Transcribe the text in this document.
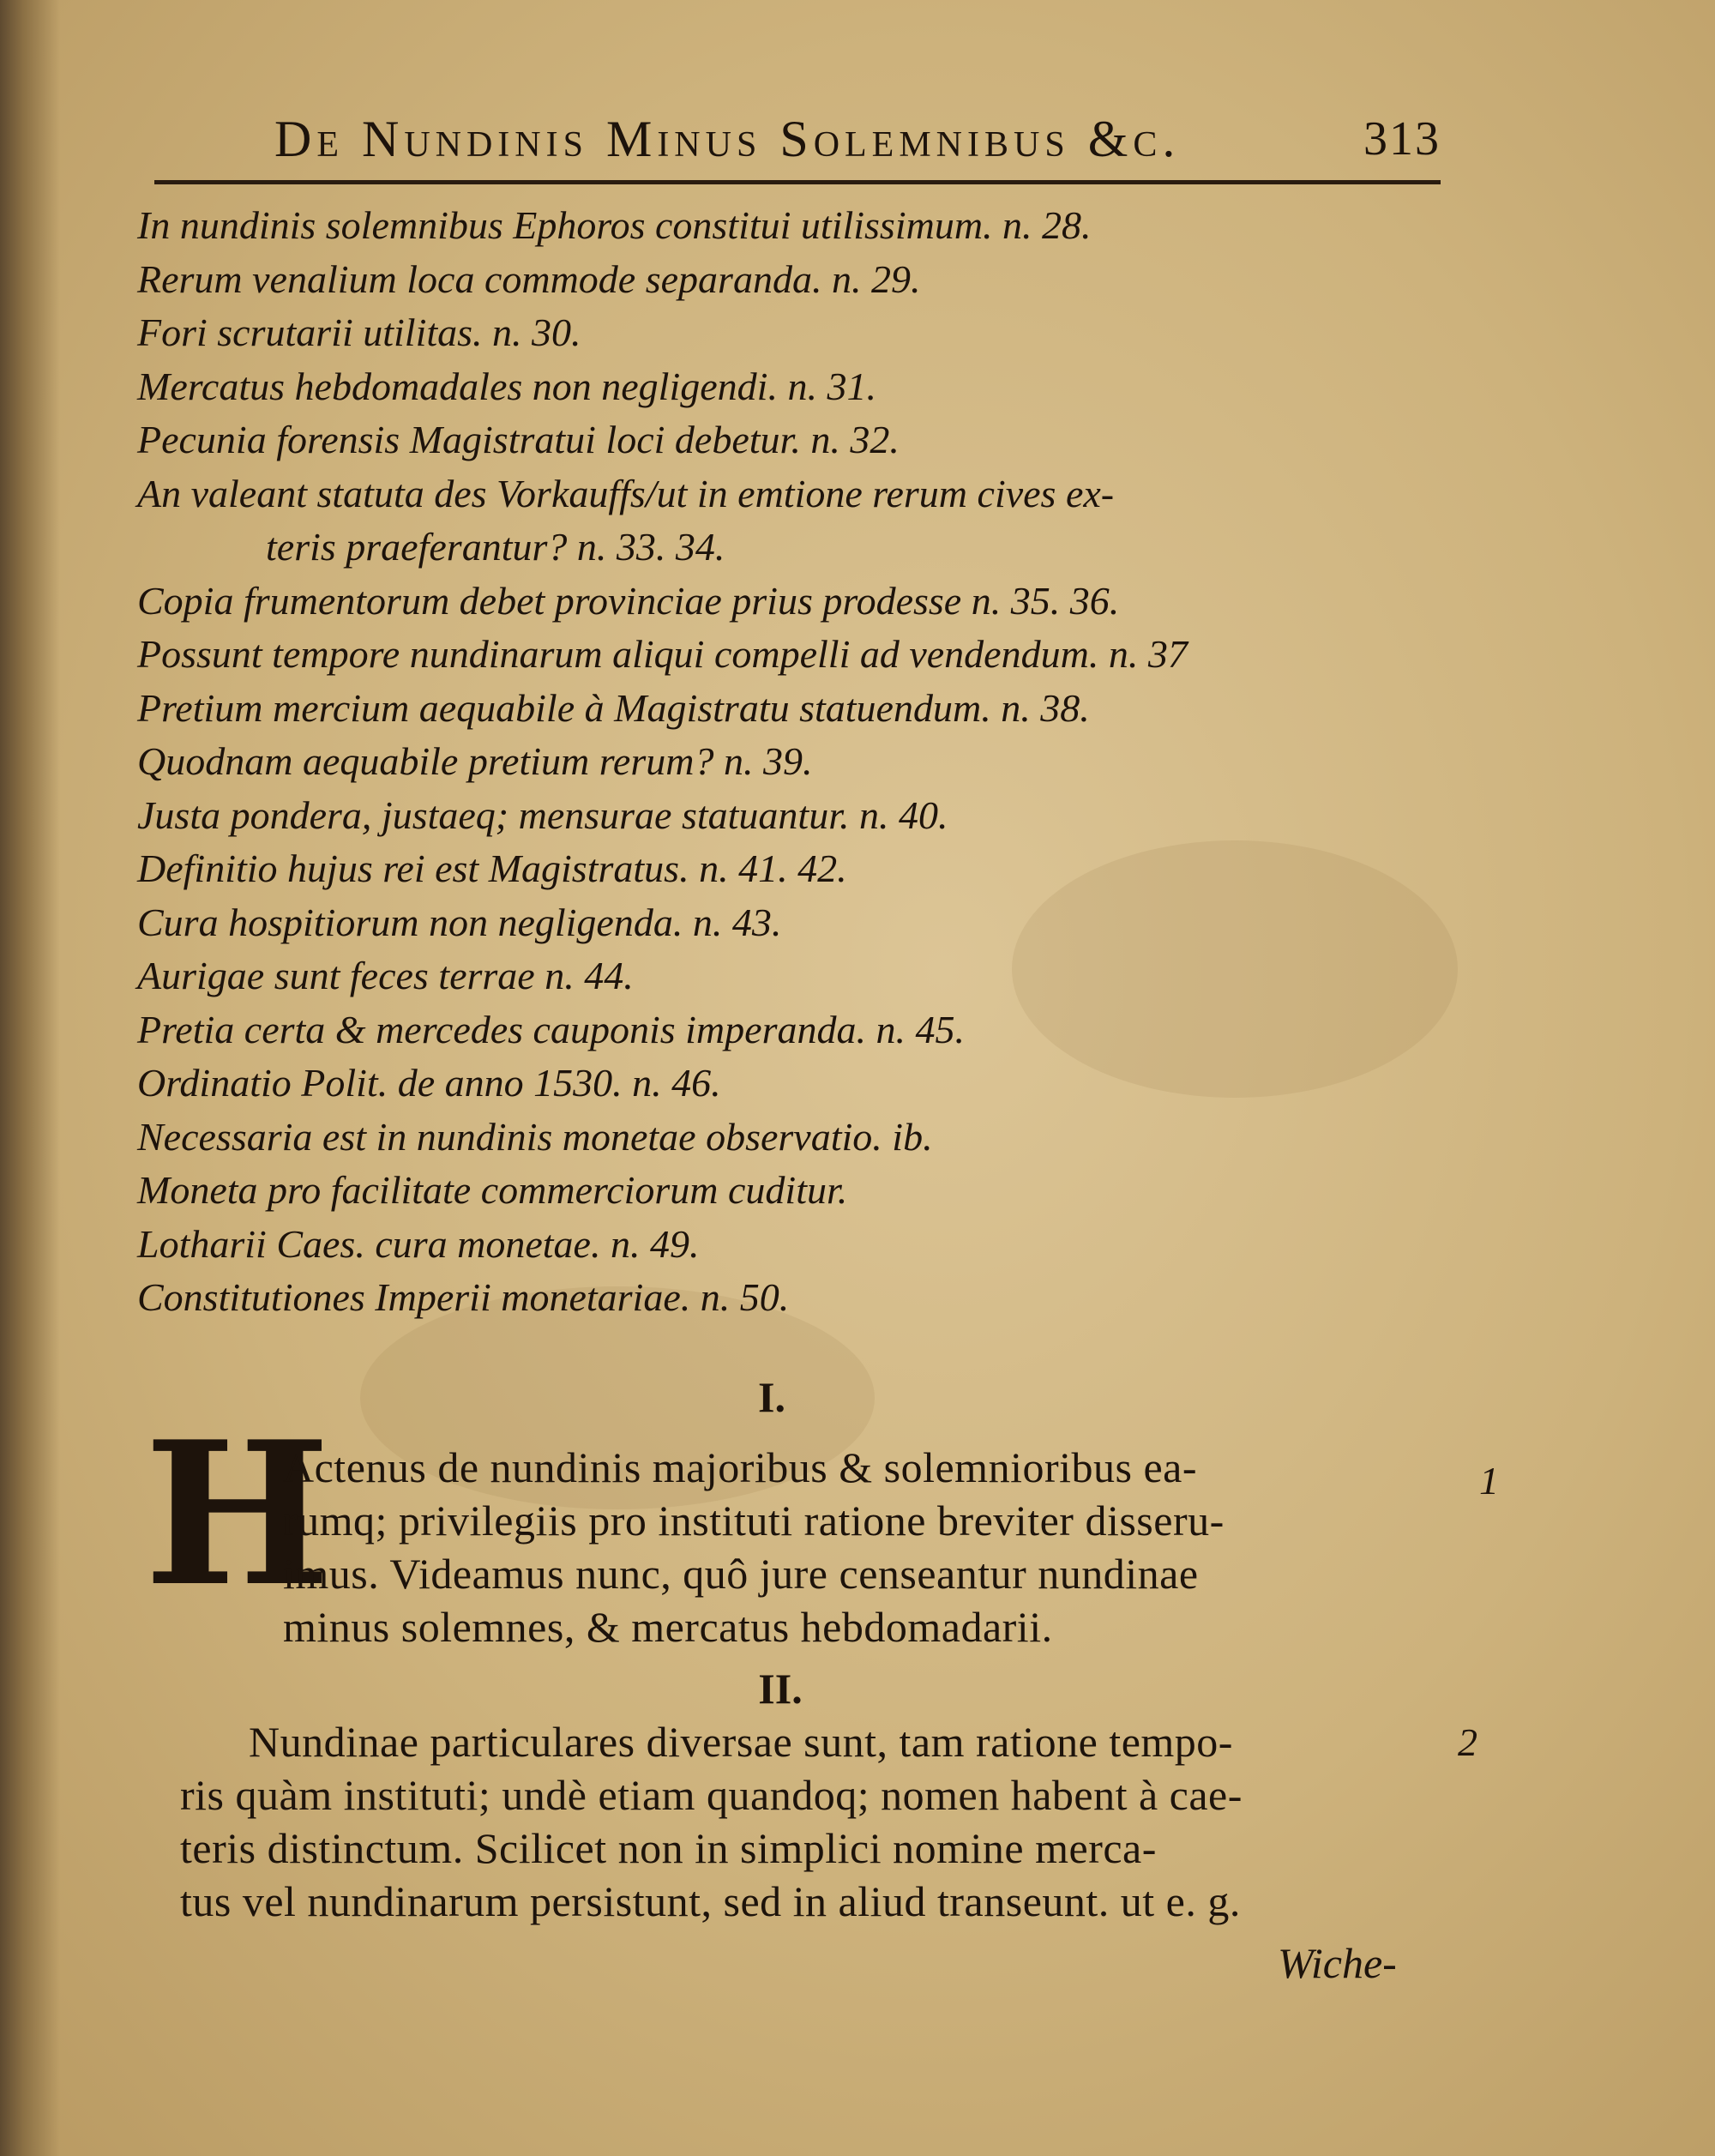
De Nundinis Minus Solemnibus &c.	313
In nundinis solemnibus Ephoros constitui utilissimum. n. 28.
Rerum venalium loca commode separanda. n. 29.
Fori scrutarii utilitas. n. 30.
Mercatus hebdomadales non negligendi. n. 31.
Pecunia forensis Magistratui loci debetur. n. 32.
An valeant statuta des Vorkauffs/ut in emtione rerum cives ex-
teris praeferantur? n. 33. 34.
Copia frumentorum debet provinciae prius prodesse n. 35. 36.
Possunt tempore nundinarum aliqui compelli ad vendendum. n. 37
Pretium mercium aequabile à Magistratu statuendum. n. 38.
Quodnam aequabile pretium rerum? n. 39.
Justa pondera, justaeq; mensurae statuantur. n. 40.
Definitio hujus rei est Magistratus. n. 41. 42.
Cura hospitiorum non negligenda. n. 43.
Aurigae sunt feces terrae n. 44.
Pretia certa & mercedes cauponis imperanda. n. 45.
Ordinatio Polit. de anno 1530. n. 46.
Necessaria est in nundinis monetae observatio. ib.
Moneta pro facilitate commerciorum cuditur.
Lotharii Caes. cura monetae. n. 49.
Constitutiones Imperii monetariae. n. 50.
I.
H
Actenus de nundinis majoribus & solemnioribus ea-
rumq; privilegiis pro instituti ratione breviter disseru-
imus. Videamus nunc, quô jure censeantur nundinae
minus solemnes, & mercatus hebdomadarii.
1
II.
Nundinae particulares diversae sunt, tam ratione tempo-
ris quàm instituti; undè etiam quandoq; nomen habent à cae-
teris distinctum. Scilicet non in simplici nomine merca-
tus vel nundinarum persistunt, sed in aliud transeunt. ut e. g.
2
Wiche-
